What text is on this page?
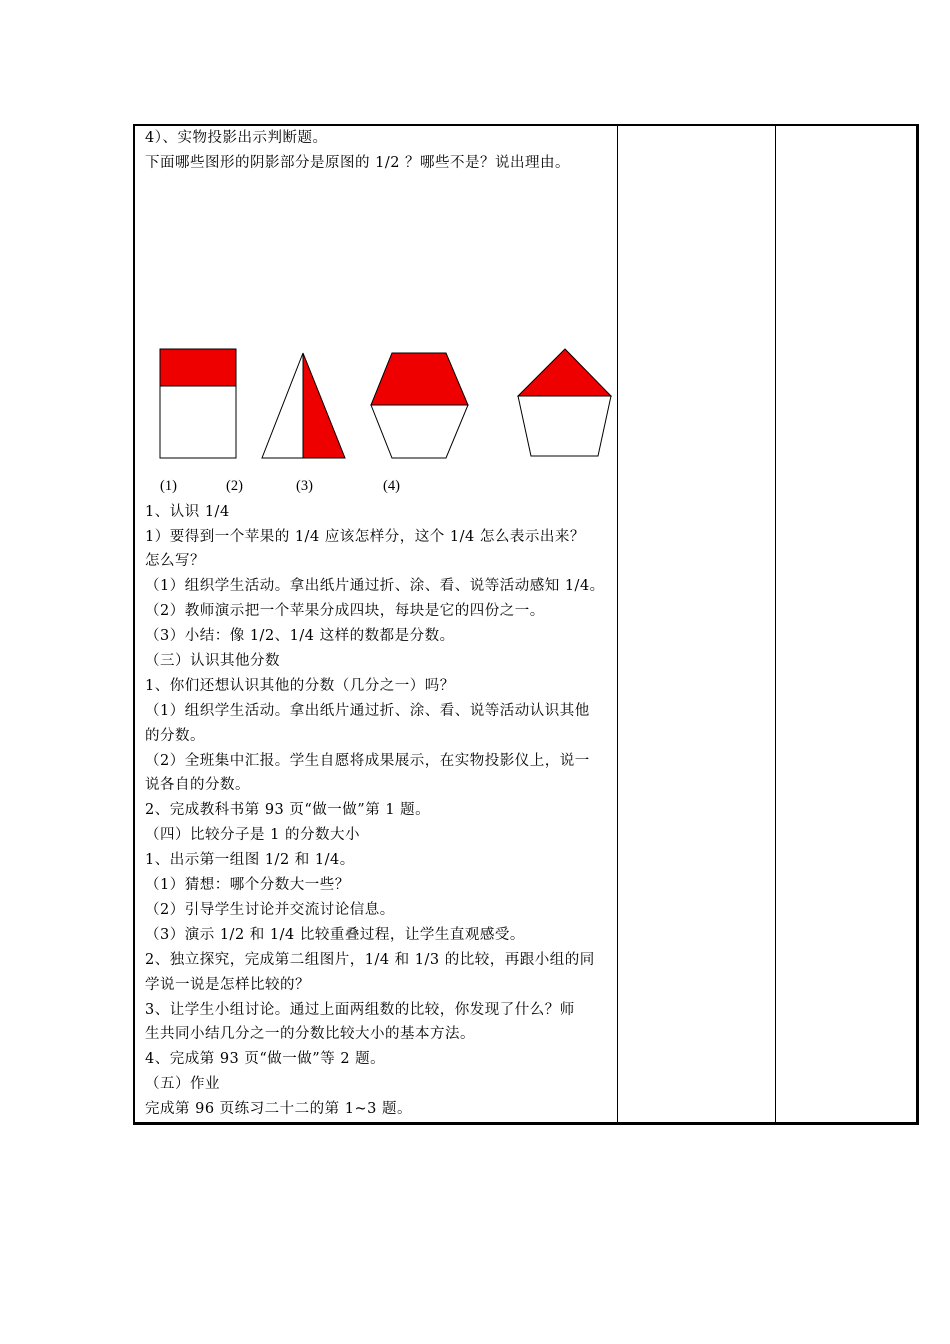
4）、实物投影出示判断题。
下面哪些图形的阴影部分是原图的 1/2 ？哪些不是？说出理由。
(1)	(2)	(3)	(4)
1、认识 1/4
1）要得到一个苹果的 1/4 应该怎样分，这个 1/4 怎么表示出来？
怎么写？
（1）组织学生活动。拿出纸片通过折、涂、看、说等活动感知 1/4。
（2）教师演示把一个苹果分成四块，每块是它的四份之一。
（3）小结：像 1/2、1/4 这样的数都是分数。
（三）认识其他分数
1、你们还想认识其他的分数（几分之一）吗？
（1）组织学生活动。拿出纸片通过折、涂、看、说等活动认识其他
的分数。
（2）全班集中汇报。学生自愿将成果展示，在实物投影仪上，说一
说各自的分数。
2、完成教科书第 93 页“做一做”第 1 题。
（四）比较分子是 1 的分数大小
1、出示第一组图 1/2 和 1/4。
（1）猜想：哪个分数大一些？
（2）引导学生讨论并交流讨论信息。
（3）演示 1/2 和 1/4 比较重叠过程，让学生直观感受。
2、独立探究，完成第二组图片，1/4 和 1/3 的比较，再跟小组的同
学说一说是怎样比较的？
3、让学生小组讨论。通过上面两组数的比较，你发现了什么？师
生共同小结几分之一的分数比较大小的基本方法。
4、完成第 93 页“做一做”等 2 题。
（五）作业
完成第 96 页练习二十二的第 1~3 题。
